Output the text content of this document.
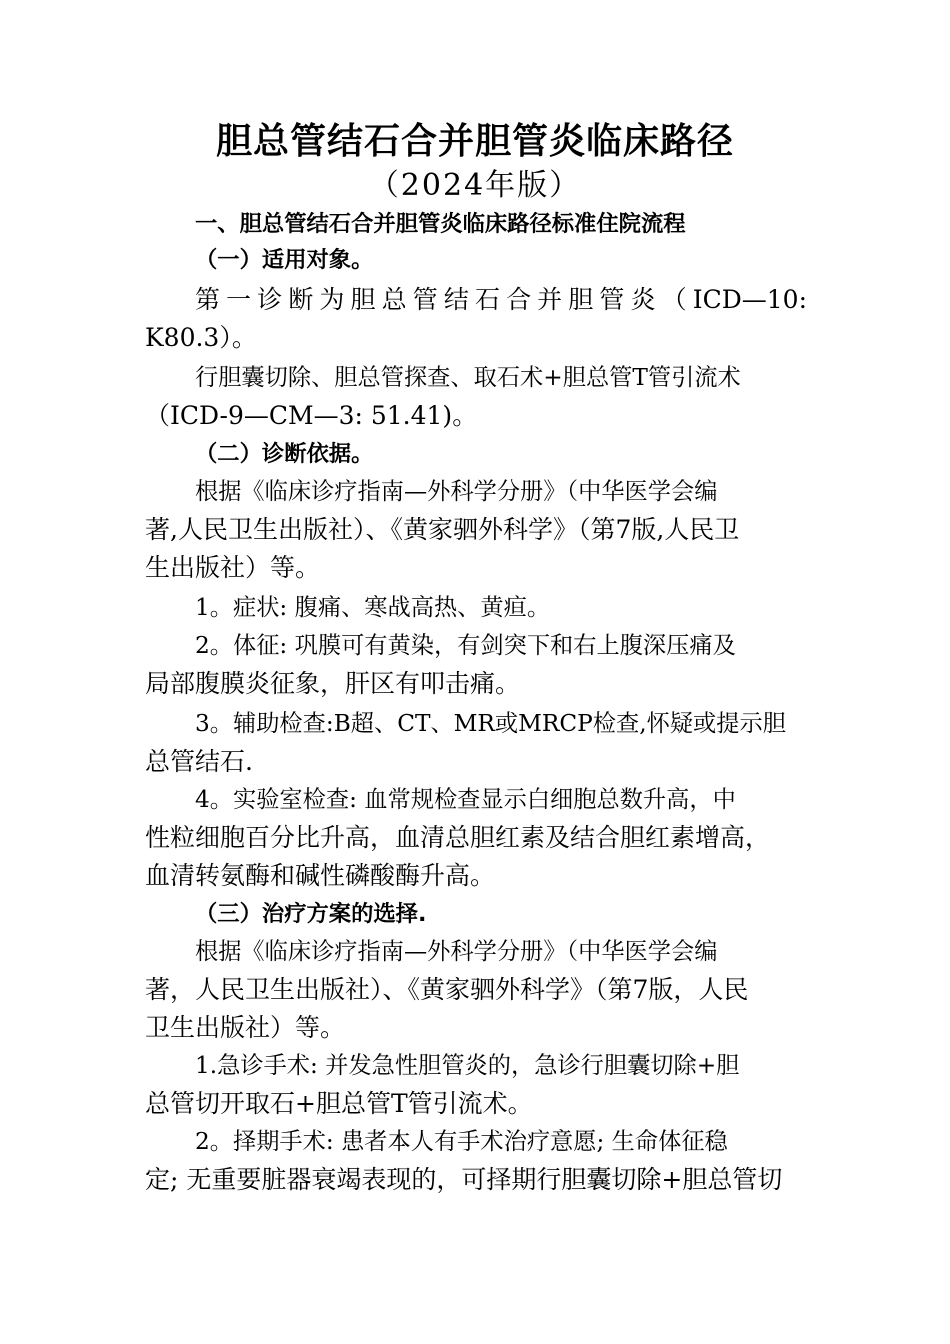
胆总管结石合并胆管炎临床路径
（2024年版）
一、胆总管结石合并胆管炎临床路径标准住院流程
（一）适用对象。
第一诊断为胆总管结石合并胆管炎（ICD—10:
K80.3）。
行胆囊切除、胆总管探查、取石术+胆总管T管引流术
（ICD-9—CM—3: 51.41)。
（二）诊断依据。
根据《临床诊疗指南—外科学分册》（中华医学会编
著,人民卫生出版社）、《黄家驷外科学》（第7版,人民卫
生出版社）等。
1。症状: 腹痛、寒战高热、黄疸。
2。体征: 巩膜可有黄染，有剑突下和右上腹深压痛及
局部腹膜炎征象，肝区有叩击痛。
3。辅助检查:B超、CT、MR或MRCP检查,怀疑或提示胆
总管结石.
4。实验室检查: 血常规检查显示白细胞总数升高，中
性粒细胞百分比升高，血清总胆红素及结合胆红素增高，
血清转氨酶和碱性磷酸酶升高。
（三）治疗方案的选择.
根据《临床诊疗指南—外科学分册》（中华医学会编
著，人民卫生出版社）、《黄家驷外科学》（第7版，人民
卫生出版社）等。
1.急诊手术: 并发急性胆管炎的，急诊行胆囊切除+胆
总管切开取石+胆总管T管引流术。
2。择期手术: 患者本人有手术治疗意愿; 生命体征稳
定; 无重要脏器衰竭表现的，可择期行胆囊切除+胆总管切
